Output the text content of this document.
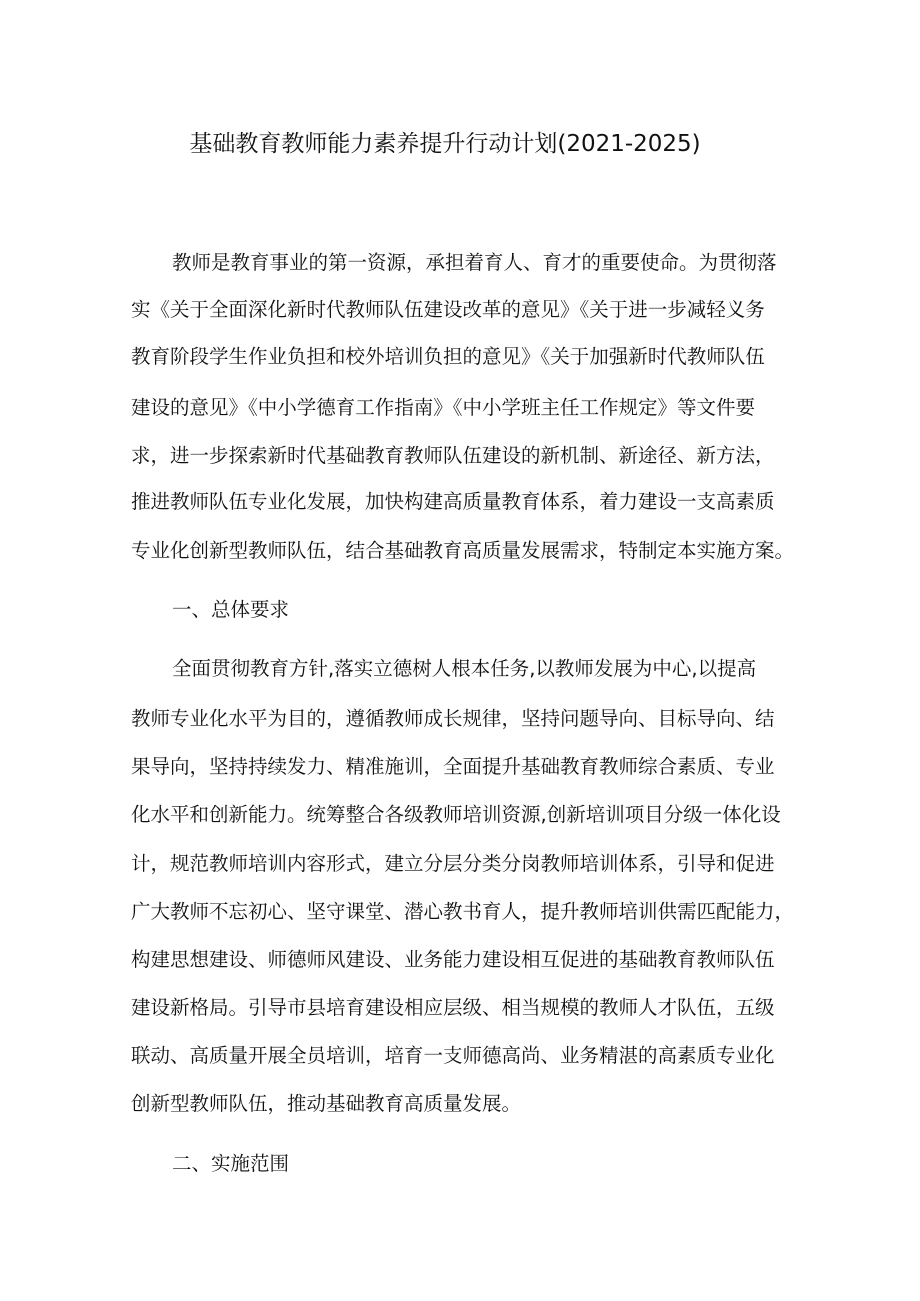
基础教育教师能力素养提升行动计划(2021-2025)

教师是教育事业的第一资源，承担着育人、育才的重要使命。为贯彻落

实《关于全面深化新时代教师队伍建设改革的意见》《关于进一步减轻义务

教育阶段学生作业负担和校外培训负担的意见》《关于加强新时代教师队伍

建设的意见》《中小学德育工作指南》《中小学班主任工作规定》等文件要

求，进一步探索新时代基础教育教师队伍建设的新机制、新途径、新方法，

推进教师队伍专业化发展，加快构建高质量教育体系，着力建设一支高素质

专业化创新型教师队伍，结合基础教育高质量发展需求，特制定本实施方案。

一、总体要求

全面贯彻教育方针,落实立德树人根本任务,以教师发展为中心,以提高

教师专业化水平为目的，遵循教师成长规律，坚持问题导向、目标导向、结

果导向，坚持持续发力、精准施训，全面提升基础教育教师综合素质、专业

化水平和创新能力。统筹整合各级教师培训资源,创新培训项目分级一体化设

计，规范教师培训内容形式，建立分层分类分岗教师培训体系，引导和促进

广大教师不忘初心、坚守课堂、潜心教书育人，提升教师培训供需匹配能力，

构建思想建设、师德师风建设、业务能力建设相互促进的基础教育教师队伍

建设新格局。引导市县培育建设相应层级、相当规模的教师人才队伍，五级

联动、高质量开展全员培训，培育一支师德高尚、业务精湛的高素质专业化

创新型教师队伍，推动基础教育高质量发展。

二、实施范围
